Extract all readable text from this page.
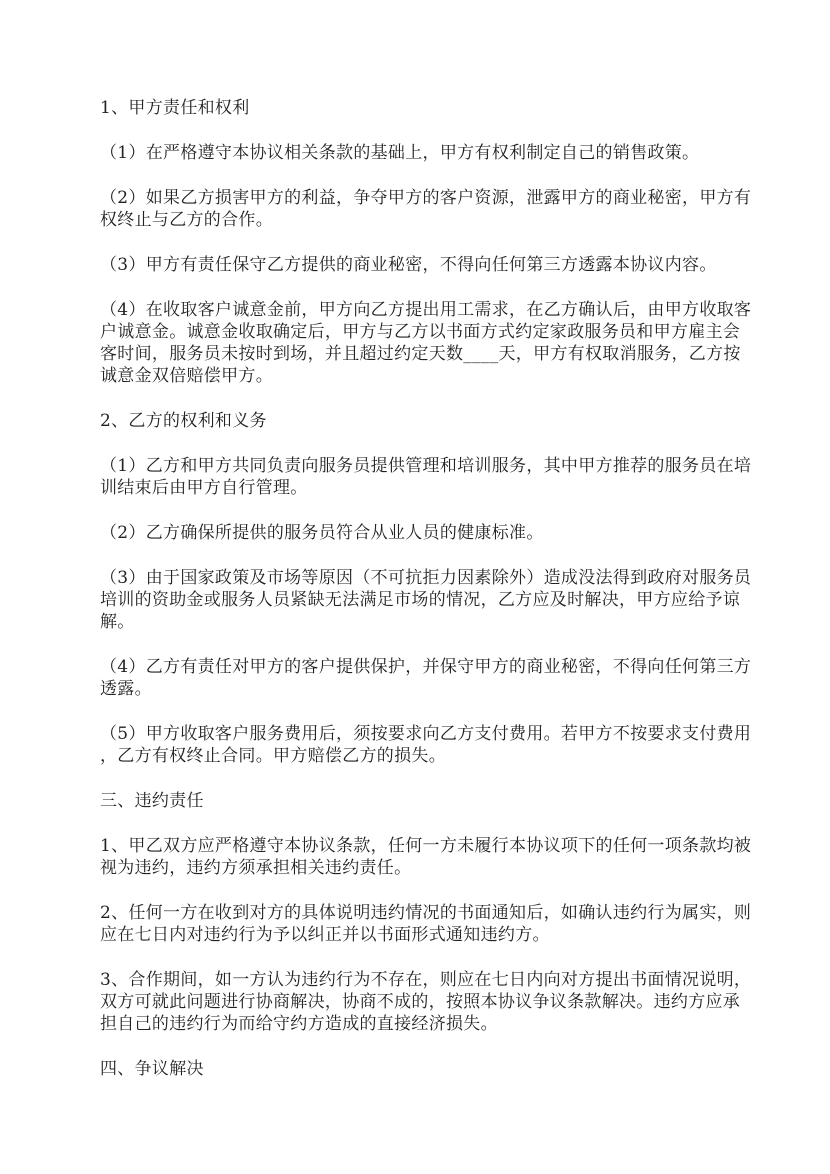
1、甲方责任和权利
（1）在严格遵守本协议相关条款的基础上，甲方有权利制定自己的销售政策。
（2）如果乙方损害甲方的利益，争夺甲方的客户资源，泄露甲方的商业秘密，甲方有
权终止与乙方的合作。
（3）甲方有责任保守乙方提供的商业秘密，不得向任何第三方透露本协议内容。
（4）在收取客户诚意金前，甲方向乙方提出用工需求，在乙方确认后，由甲方收取客
户诚意金。诚意金收取确定后，甲方与乙方以书面方式约定家政服务员和甲方雇主会
客时间，服务员未按时到场，并且超过约定天数____天，甲方有权取消服务，乙方按
诚意金双倍赔偿甲方。
2、乙方的权利和义务
（1）乙方和甲方共同负责向服务员提供管理和培训服务，其中甲方推荐的服务员在培
训结束后由甲方自行管理。
（2）乙方确保所提供的服务员符合从业人员的健康标准。
（3）由于国家政策及市场等原因（不可抗拒力因素除外）造成没法得到政府对服务员
培训的资助金或服务人员紧缺无法满足市场的情况，乙方应及时解决，甲方应给予谅
解。
（4）乙方有责任对甲方的客户提供保护，并保守甲方的商业秘密，不得向任何第三方
透露。
（5）甲方收取客户服务费用后，须按要求向乙方支付费用。若甲方不按要求支付费用
，乙方有权终止合同。甲方赔偿乙方的损失。
三、违约责任
1、甲乙双方应严格遵守本协议条款，任何一方未履行本协议项下的任何一项条款均被
视为违约，违约方须承担相关违约责任。
2、任何一方在收到对方的具体说明违约情况的书面通知后，如确认违约行为属实，则
应在七日内对违约行为予以纠正并以书面形式通知违约方。
3、合作期间，如一方认为违约行为不存在，则应在七日内向对方提出书面情况说明，
双方可就此问题进行协商解决，协商不成的，按照本协议争议条款解决。违约方应承
担自己的违约行为而给守约方造成的直接经济损失。
四、争议解决
